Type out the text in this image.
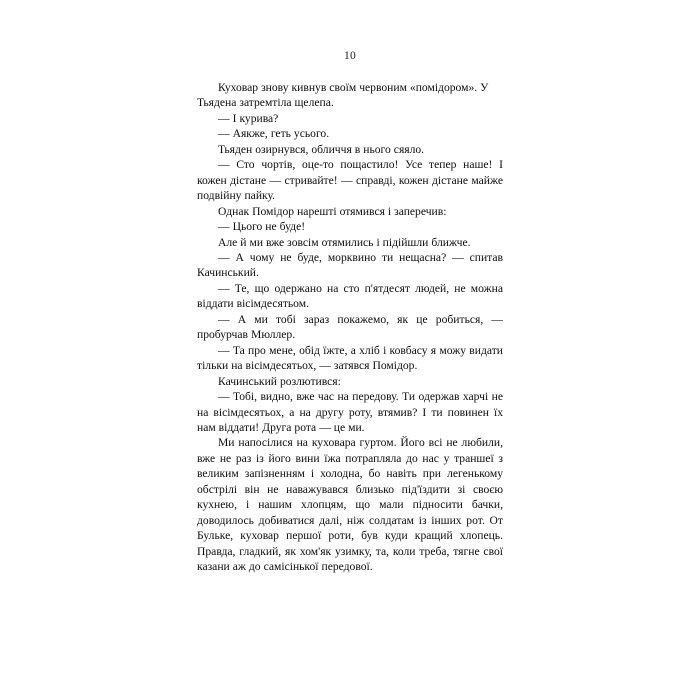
10

Куховар знову кивнув своїм червоним «помідором». У Тьядена затремтіла щелепа.

— І курива?

— Аякже, геть усього.

Тьяден озирнувся, обличчя в нього сяяло.

— Сто чортів, оце-то пощастило! Усе тепер наше! І кожен дістане — стривайте! — справді, кожен дістане майже подвійну пайку.

Однак Помідор нарешті отямився і заперечив:

— Цього не буде!

Але й ми вже зовсім отямились і підійшли ближче.

— А чому не буде, морквино ти нещасна? — спитав Качинський.

— Те, що одержано на сто п'ятдесят людей, не можна віддати вісімдесятьом.

— А ми тобі зараз покажемо, як це робиться, — пробурчав Мюллер.

— Та про мене, обід їжте, а хліб і ковбасу я можу видати тільки на вісімдесятьох, — затявся Помідор.

Качинський розлютився:

— Тобі, видно, вже час на передову. Ти одержав харчі не на вісімдесятьох, а на другу роту, втямив? І ти повинен їх нам віддати! Друга рота — це ми.

Ми напосілися на куховара гуртом. Його всі не любили, вже не раз із його вини їжа потрапляла до нас у траншеї з великим запізненням і холодна, бо навіть при легенькому обстрілі він не наважувався близько під'їздити зі своєю кухнею, і нашим хлопцям, що мали підносити бачки, доводилось добиватися далі, ніж солдатам із інших рот. От Бульке, куховар першої роти, був куди кращий хлопець. Правда, гладкий, як хом'як узимку, та, коли треба, тягне свої казани аж до самісінької передової.
